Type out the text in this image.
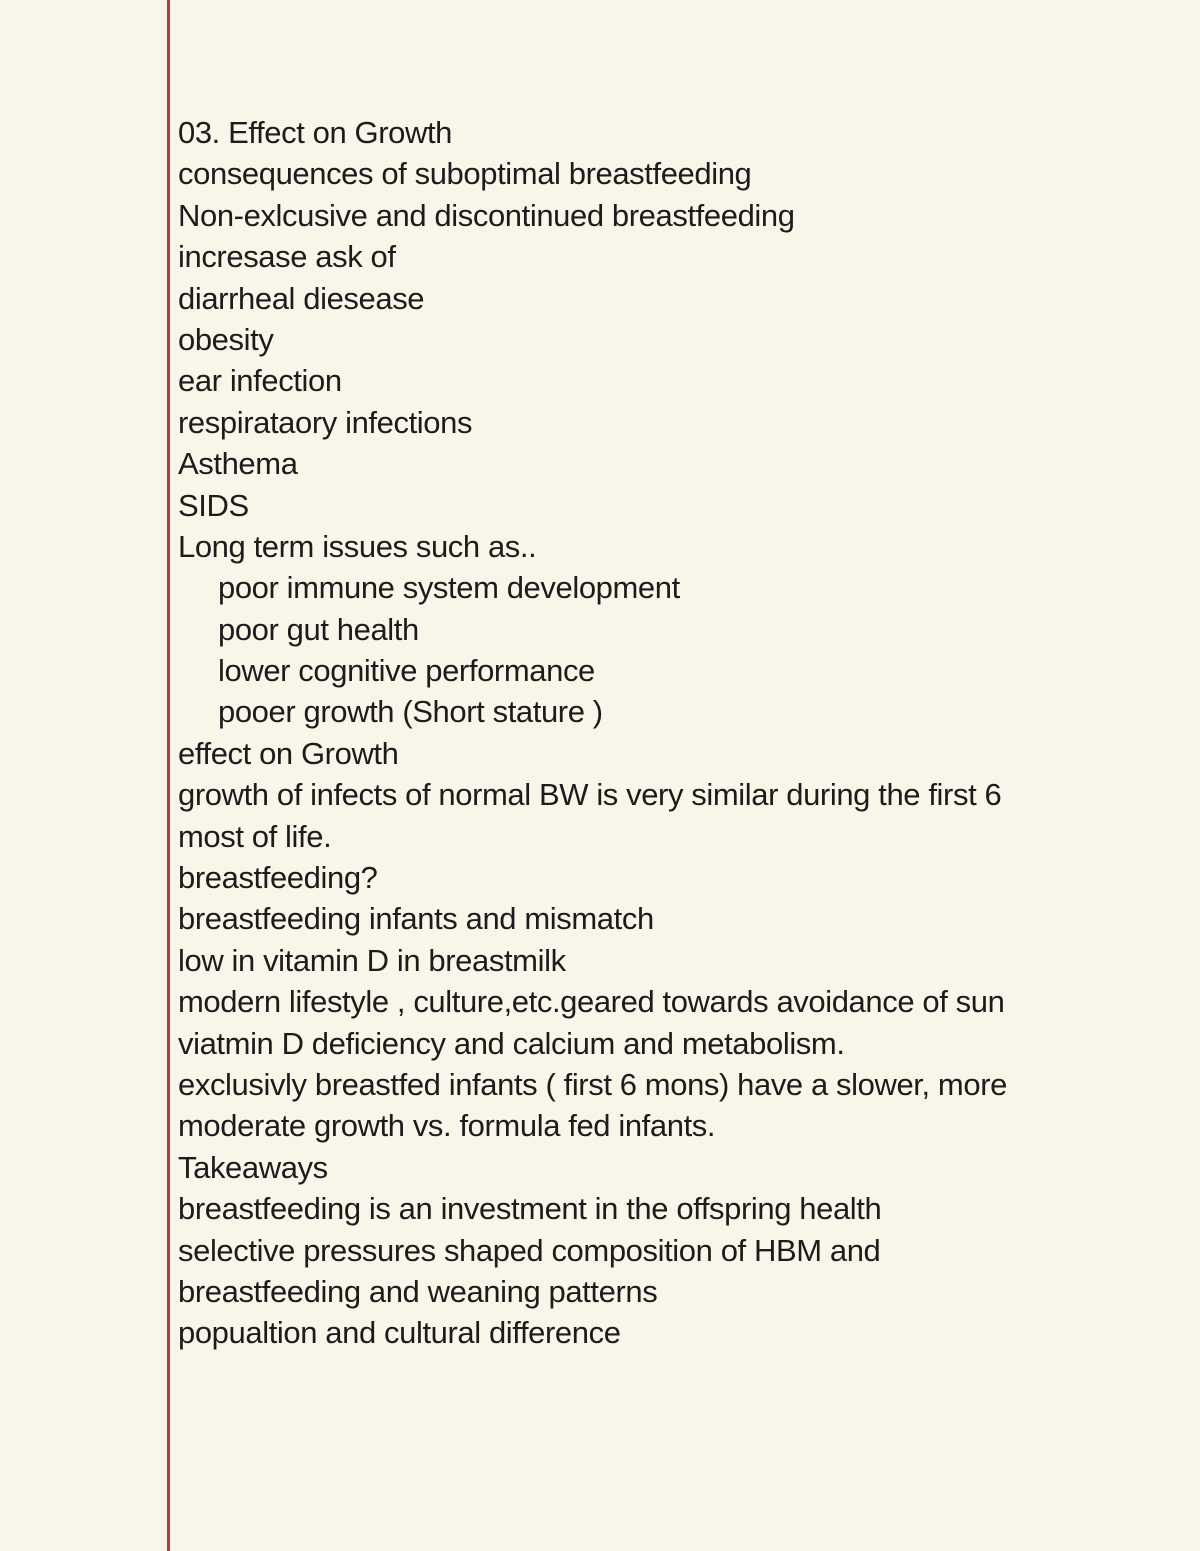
03. Effect on Growth
consequences of suboptimal breastfeeding
Non-exlcusive and discontinued breastfeeding
incresase ask of
diarrheal diesease
obesity
ear infection
respirataory infections
Asthema
SIDS
Long term issues such as..
poor immune system development
poor gut health
lower cognitive performance
pooer growth (Short stature )
effect on Growth
growth of infects of normal BW is very similar during the first 6
most of life.
breastfeeding?
breastfeeding infants and mismatch
low in vitamin D in breastmilk
modern lifestyle , culture,etc.geared towards avoidance of sun
viatmin D deficiency and calcium and metabolism.
exclusivly breastfed infants ( first 6 mons) have a slower, more
moderate growth vs. formula fed infants.
Takeaways
breastfeeding is an investment in the offspring health
selective pressures shaped composition of HBM and
breastfeeding and weaning patterns
popualtion and cultural difference
